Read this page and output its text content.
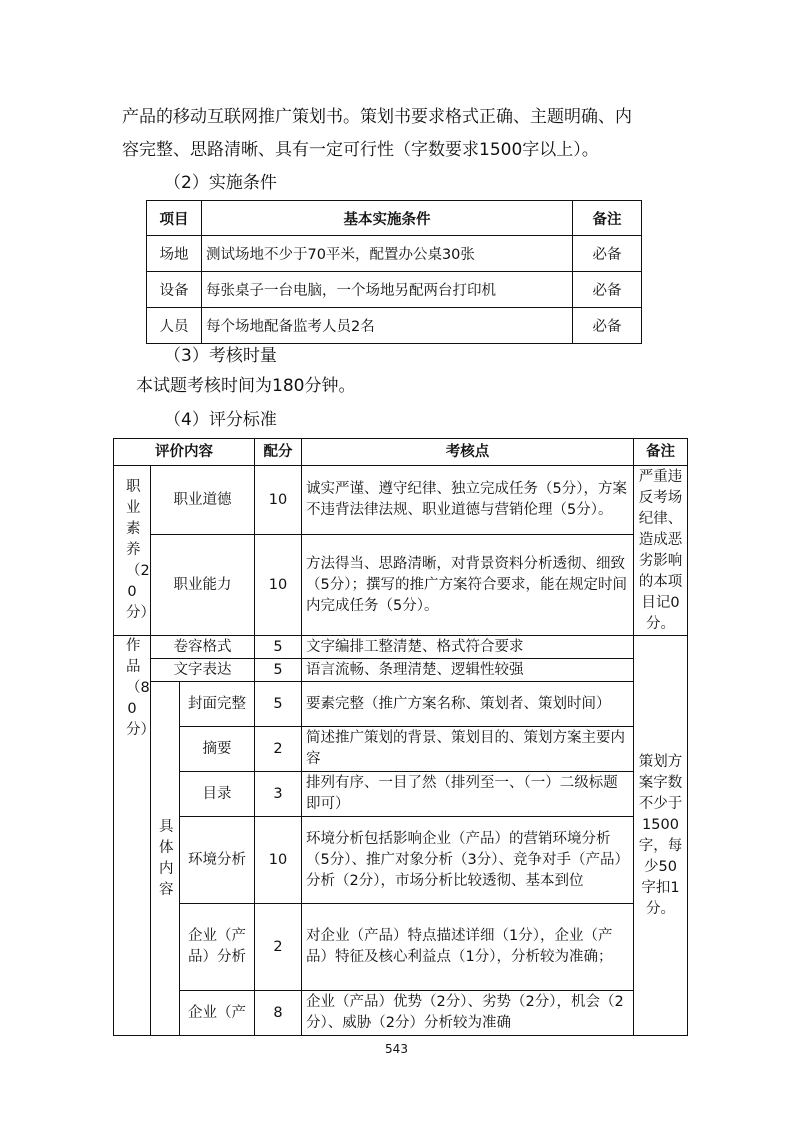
产品的移动互联网推广策划书。策划书要求格式正确、主题明确、内
容完整、思路清晰、具有一定可行性（字数要求1500字以上）。
（2）实施条件
项目	基本实施条件	备注
场地	测试场地不少于70平米，配置办公桌30张	必备
设备	每张桌子一台电脑，一个场地另配两台打印机	必备
人员	每个场地配备监考人员2名	必备
（3）考核时量
本试题考核时间为180分钟。
（4）评分标准
评价内容			配分	考核点	备注

职业素养（20分）	职业道德		10	诚实严谨、遵守纪律、独立完成任务（5分），方案不违背法律法规、职业道德与营销伦理（5分）。	严重违反考场纪律、造成恶劣影响的本项目记0分。
	职业能力		10	方法得当、思路清晰，对背景资料分析透彻、细致（5分）；撰写的推广方案符合要求，能在规定时间内完成任务（5分）。	

作品（80分）	卷容格式		5	文字编排工整清楚、格式符合要求	策划方案字数不少于1500字，每少50字扣1分。
	文字表达		5	语言流畅、条理清楚、逻辑性较强	

	具体内容	封面完整	5	要素完整（推广方案名称、策划者、策划时间）	
		摘要	2	简述推广策划的背景、策划目的、策划方案主要内容	
		目录	3	排列有序、一目了然（排列至一、（一）二级标题即可）	
		环境分析	10	环境分析包括影响企业（产品）的营销环境分析（5分）、推广对象分析（3分）、竞争对手（产品）分析（2分），市场分析比较透彻、基本到位	
		企业（产品）分析	2	对企业（产品）特点描述详细（1分），企业（产品）特征及核心利益点（1分），分析较为准确；	
		企业（产	8	企业（产品）优势（2分）、劣势（2分），机会（2分）、威胁（2分）分析较为准确	
543
